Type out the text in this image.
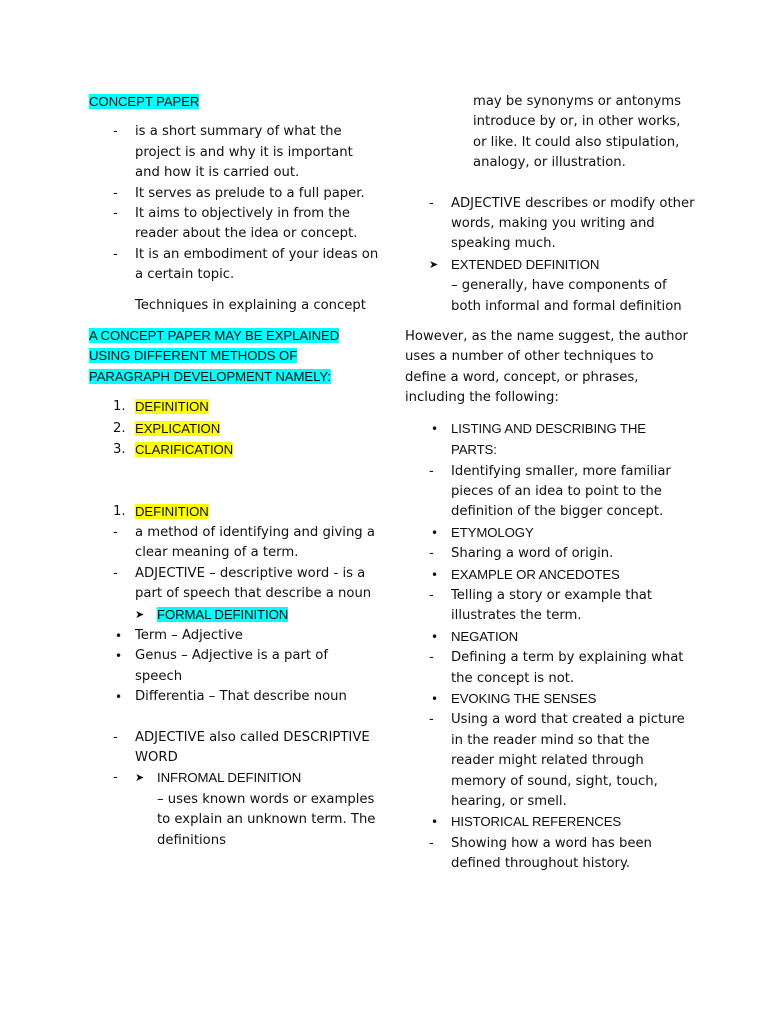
CONCEPT PAPER
- is a short summary of what the project is and why it is important and how it is carried out.
- It serves as prelude to a full paper.
- It aims to objectively in from the reader about the idea or concept.
- It is an embodiment of your ideas on a certain topic.
Techniques in explaining a concept
A CONCEPT PAPER MAY BE EXPLAINED USING DIFFERENT METHODS OF PARAGRAPH DEVELOPMENT NAMELY:
1. DEFINITION
2. EXPLICATION
3. CLARIFICATION
1. DEFINITION
- a method of identifying and giving a clear meaning of a term.
- ADJECTIVE – descriptive word - is a part of speech that describe a noun
➤ FORMAL DEFINITION
• Term – Adjective
• Genus – Adjective is a part of speech
• Differentia – That describe noun
- ADJECTIVE also called DESCRIPTIVE WORD
- ➤ INFROMAL DEFINITION
– uses known words or examples to explain an unknown term. The definitions
may be synonyms or antonyms introduce by or, in other works, or like. It could also stipulation, analogy, or illustration.
- ADJECTIVE describes or modify other words, making you writing and speaking much.
➤ EXTENDED DEFINITION
– generally, have components of both informal and formal definition
However, as the name suggest, the author uses a number of other techniques to define a word, concept, or phrases, including the following:
• LISTING AND DESCRIBING THE PARTS:
- Identifying smaller, more familiar pieces of an idea to point to the definition of the bigger concept.
• ETYMOLOGY
- Sharing a word of origin.
• EXAMPLE OR ANCEDOTES
- Telling a story or example that illustrates the term.
• NEGATION
- Defining a term by explaining what the concept is not.
• EVOKING THE SENSES
- Using a word that created a picture in the reader mind so that the reader might related through memory of sound, sight, touch, hearing, or smell.
• HISTORICAL REFERENCES
- Showing how a word has been defined throughout history.
